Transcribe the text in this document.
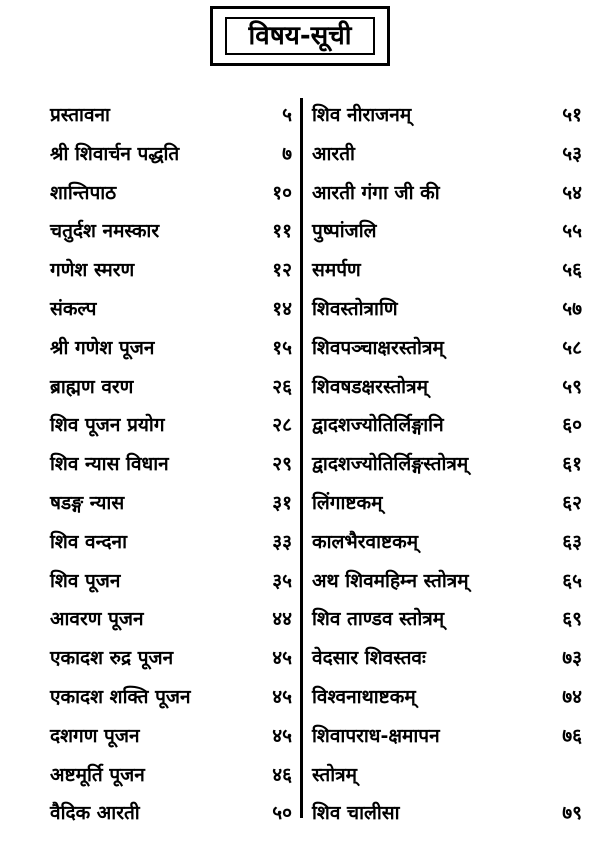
विषय-सूची
प्रस्तावना	५
श्री शिवार्चन पद्धति	७
शान्तिपाठ	१०
चतुर्दश नमस्कार	११
गणेश स्मरण	१२
संकल्प	१४
श्री गणेश पूजन	१५
ब्राह्मण वरण	२६
शिव पूजन प्रयोग	२८
शिव न्यास विधान	२९
षडङ्ग न्यास	३१
शिव वन्दना	३३
शिव पूजन	३५
आवरण पूजन	४४
एकादश रुद्र पूजन	४५
एकादश शक्ति पूजन	४५
दशगण पूजन	४५
अष्टमूर्ति पूजन	४६
वैदिक आरती	५०
शिव नीराजनम्	५१
आरती	५३
आरती गंगा जी की	५४
पुष्पांजलि	५५
समर्पण	५६
शिवस्तोत्राणि	५७
शिवपञ्चाक्षरस्तोत्रम्	५८
शिवषडक्षरस्तोत्रम्	५९
द्वादशज्योतिर्लिङ्गानि	६०
द्वादशज्योतिर्लिङ्गस्तोत्रम्	६१
लिंगाष्टकम्	६२
कालभैरवाष्टकम्	६३
अथ शिवमहिम्न स्तोत्रम्	६५
शिव ताण्डव स्तोत्रम्	६९
वेदसार शिवस्तवः	७३
विश्वनाथाष्टकम्	७४
शिवापराध-क्षमापन	७६
स्तोत्रम्
शिव चालीसा	७९
